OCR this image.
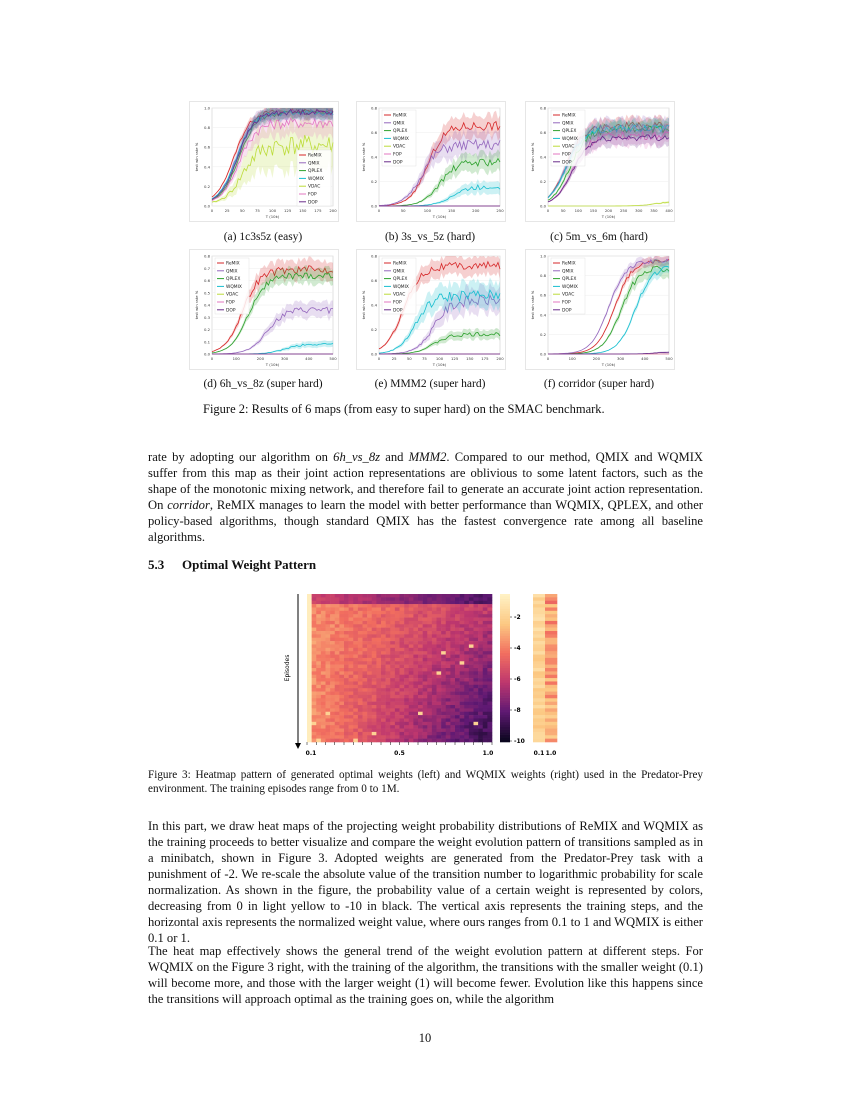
0.0
0.2
0.4
0.6
0.8
1.0
0	25	50	75 100 125 150 175 200
T (10k)
test win rate %	ReMIX
QMIX
QPLEX
WQMIX
VDAC
FOP
DOP
0.0
0.2
0.4
0.6
0.8
0	50	100	150	200	250
T (10k)
test win rate %
ReMIX
QMIX
QPLEX
WQMIX
VDAC
FOP
DOP
0.0
0.2
0.4
0.6
0.8
0	50 100 150 200 250 300 350 400
T (10k)
test win rate %
ReMIX
QMIX
QPLEX
WQMIX
VDAC
FOP
DOP
0.0
0.1
0.2
0.3
0.4
0.5
0.6
0.7
0.8
0	100	200	300	400	500
T (10k)
test win rate %
ReMIX
QMIX
QPLEX
WQMIX
VDAC
FOP
DOP
0.0
0.2
0.4
0.6
0.8
0	25	50	75 100 125 150 175 200
T (10k)
test win rate %
ReMIX
QMIX
QPLEX
WQMIX
VDAC
FOP
DOP
0.0
0.2
0.4
0.6
0.8
1.0
0	100	200	300	400	500
T (10k)
test win rate %
ReMIX
QMIX
QPLEX
WQMIX
VDAC
FOP
DOP
(a) 1c3s5z (easy)	(b) 3s_vs_5z (hard)	(c) 5m_vs_6m (hard)
(d) 6h_vs_8z (super hard)	(e) MMM2 (super hard)	(f) corridor (super hard)
Figure 2: Results of 6 maps (from easy to super hard) on the SMAC benchmark.

rate by adopting our algorithm on 6h_vs_8z and MMM2. Compared to our method, QMIX and WQMIX suffer from this map as their joint action representations are oblivious to some latent factors, such as the shape of the monotonic mixing network, and therefore fail to generate an accurate joint action representation. On corridor, ReMIX manages to learn the model with better performance than WQMIX, QPLEX, and other policy-based algorithms, though standard QMIX has the fastest convergence rate among all baseline algorithms.

5.3 Optimal Weight Pattern
Episodes
0.1	0.5	1.0
-2
-4
-6
-8
-10
0.1 1.0
Figure 3: Heatmap pattern of generated optimal weights (left) and WQMIX weights (right) used in the Predator-Prey environment. The training episodes range from 0 to 1M.

In this part, we draw heat maps of the projecting weight probability distributions of ReMIX and WQMIX as the training proceeds to better visualize and compare the weight evolution pattern of transitions sampled as in a minibatch, shown in Figure 3. Adopted weights are generated from the Predator-Prey task with a punishment of -2. We re-scale the absolute value of the transition number to logarithmic probability for scale normalization. As shown in the figure, the probability value of a certain weight is represented by colors, decreasing from 0 in light yellow to -10 in black. The vertical axis represents the training steps, and the horizontal axis represents the normalized weight value, where ours ranges from 0.1 to 1 and WQMIX is either 0.1 or 1.

The heat map effectively shows the general trend of the weight evolution pattern at different steps. For WQMIX on the Figure 3 right, with the training of the algorithm, the transitions with the smaller weight (0.1) will become more, and those with the larger weight (1) will become fewer. Evolution like this happens since the transitions will approach optimal as the training goes on, while the algorithm

10
